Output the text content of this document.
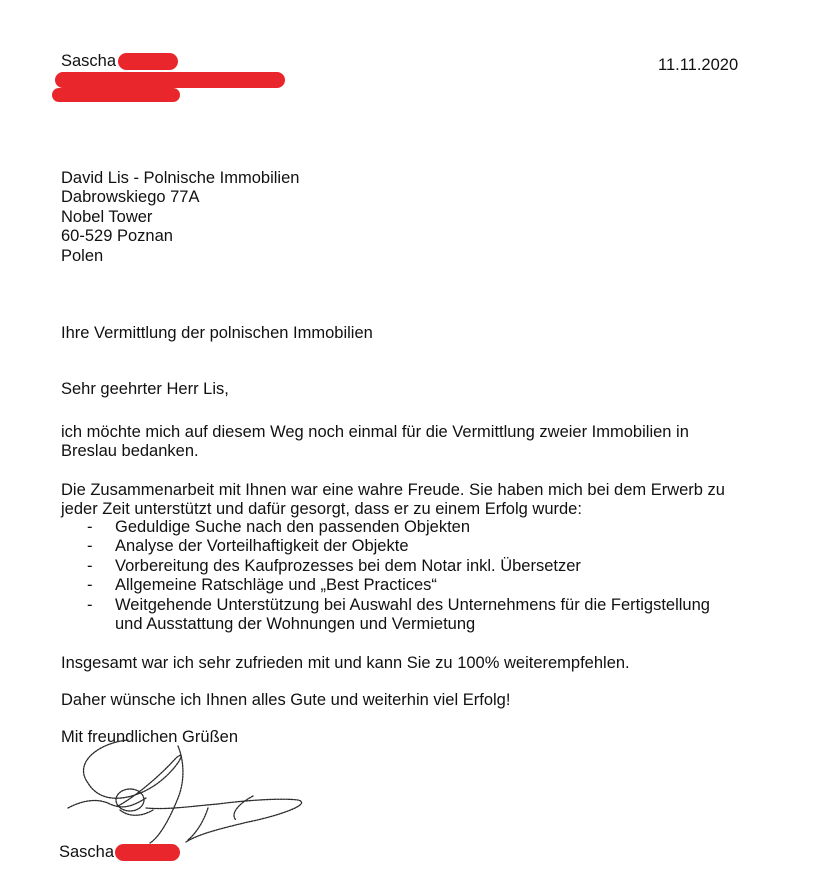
Sascha	11.11.2020
David Lis - Polnische Immobilien
Dabrowskiego 77A
Nobel Tower
60-529 Poznan
Polen
Ihre Vermittlung der polnischen Immobilien
Sehr geehrter Herr Lis,
ich möchte mich auf diesem Weg noch einmal für die Vermittlung zweier Immobilien in Breslau bedanken.
Die Zusammenarbeit mit Ihnen war eine wahre Freude. Sie haben mich bei dem Erwerb zu jeder Zeit unterstützt und dafür gesorgt, dass er zu einem Erfolg wurde:
- Geduldige Suche nach den passenden Objekten
- Analyse der Vorteilhaftigkeit der Objekte
- Vorbereitung des Kaufprozesses bei dem Notar inkl. Übersetzer
- Allgemeine Ratschläge und „Best Practices“
- Weitgehende Unterstützung bei Auswahl des Unternehmens für die Fertigstellung und Ausstattung der Wohnungen und Vermietung
Insgesamt war ich sehr zufrieden mit und kann Sie zu 100% weiterempfehlen.
Daher wünsche ich Ihnen alles Gute und weiterhin viel Erfolg!
Mit freundlichen Grüßen
Sascha
